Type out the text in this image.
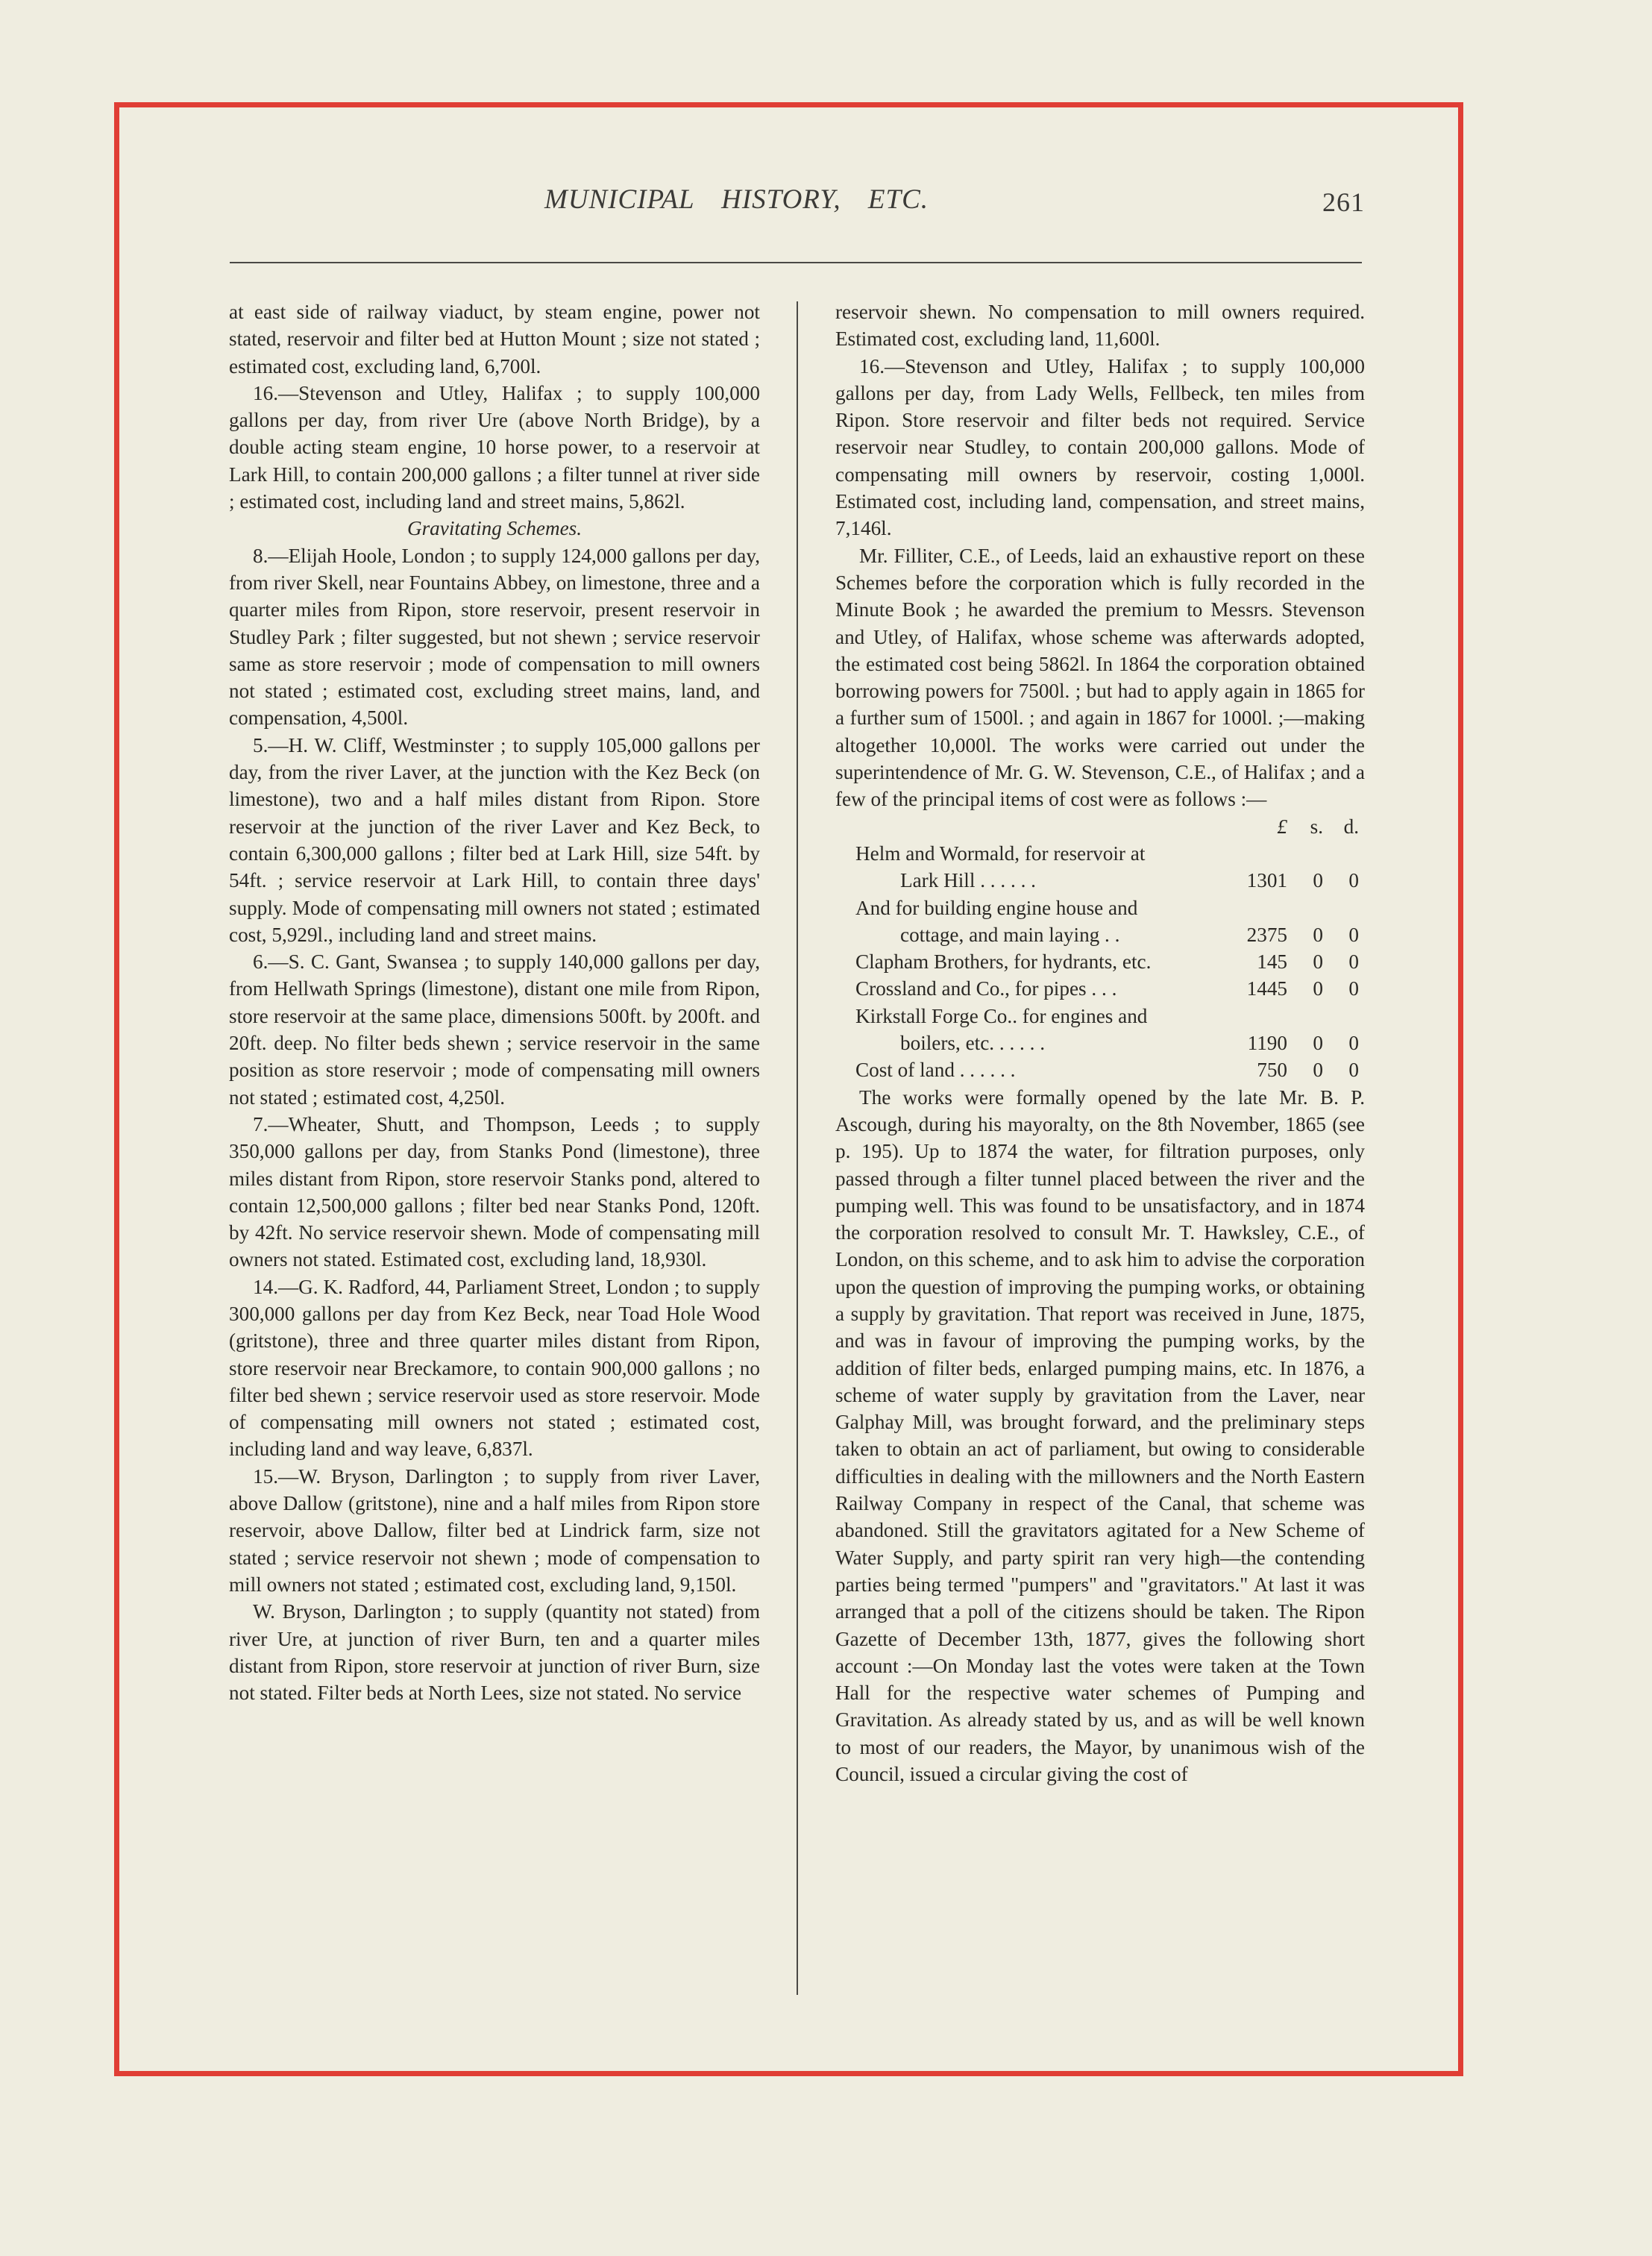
MUNICIPAL HISTORY, ETC.	261

at east side of railway viaduct, by steam engine, power not stated, reservoir and filter bed at Hutton Mount ; size not stated ; estimated cost, excluding land, 6,700l.

16.—Stevenson and Utley, Halifax ; to supply 100,000 gallons per day, from river Ure (above North Bridge), by a double acting steam engine, 10 horse power, to a reservoir at Lark Hill, to contain 200,000 gallons ; a filter tunnel at river side ; estimated cost, including land and street mains, 5,862l.

Gravitating Schemes.

8.—Elijah Hoole, London ; to supply 124,000 gallons per day, from river Skell, near Fountains Abbey, on limestone, three and a quarter miles from Ripon, store reservoir, present reservoir in Studley Park ; filter suggested, but not shewn ; service reservoir same as store reservoir ; mode of compensation to mill owners not stated ; estimated cost, excluding street mains, land, and compensation, 4,500l.

5.—H. W. Cliff, Westminster ; to supply 105,000 gallons per day, from the river Laver, at the junction with the Kez Beck (on limestone), two and a half miles distant from Ripon. Store reservoir at the junction of the river Laver and Kez Beck, to contain 6,300,000 gallons ; filter bed at Lark Hill, size 54ft. by 54ft. ; service reservoir at Lark Hill, to contain three days' supply. Mode of compensating mill owners not stated ; estimated cost, 5,929l., including land and street mains.

6.—S. C. Gant, Swansea ; to supply 140,000 gallons per day, from Hellwath Springs (limestone), distant one mile from Ripon, store reservoir at the same place, dimensions 500ft. by 200ft. and 20ft. deep. No filter beds shewn ; service reservoir in the same position as store reservoir ; mode of compensating mill owners not stated ; estimated cost, 4,250l.

7.—Wheater, Shutt, and Thompson, Leeds ; to supply 350,000 gallons per day, from Stanks Pond (limestone), three miles distant from Ripon, store reservoir Stanks pond, altered to contain 12,500,000 gallons ; filter bed near Stanks Pond, 120ft. by 42ft. No service reservoir shewn. Mode of compensating mill owners not stated. Estimated cost, excluding land, 18,930l.

14.—G. K. Radford, 44, Parliament Street, London ; to supply 300,000 gallons per day from Kez Beck, near Toad Hole Wood (gritstone), three and three quarter miles distant from Ripon, store reservoir near Breckamore, to contain 900,000 gallons ; no filter bed shewn ; service reservoir used as store reservoir. Mode of compensating mill owners not stated ; estimated cost, including land and way leave, 6,837l.

15.—W. Bryson, Darlington ; to supply from river Laver, above Dallow (gritstone), nine and a half miles from Ripon store reservoir, above Dallow, filter bed at Lindrick farm, size not stated ; service reservoir not shewn ; mode of compensation to mill owners not stated ; estimated cost, excluding land, 9,150l.

W. Bryson, Darlington ; to supply (quantity not stated) from river Ure, at junction of river Burn, ten and a quarter miles distant from Ripon, store reservoir at junction of river Burn, size not stated. Filter beds at North Lees, size not stated. No service

reservoir shewn. No compensation to mill owners required. Estimated cost, excluding land, 11,600l.

16.—Stevenson and Utley, Halifax ; to supply 100,000 gallons per day, from Lady Wells, Fellbeck, ten miles from Ripon. Store reservoir and filter beds not required. Service reservoir near Studley, to contain 200,000 gallons. Mode of compensating mill owners by reservoir, costing 1,000l. Estimated cost, including land, compensation, and street mains, 7,146l.

Mr. Filliter, C.E., of Leeds, laid an exhaustive report on these Schemes before the corporation which is fully recorded in the Minute Book ; he awarded the premium to Messrs. Stevenson and Utley, of Halifax, whose scheme was afterwards adopted, the estimated cost being 5862l. In 1864 the corporation obtained borrowing powers for 7500l. ; but had to apply again in 1865 for a further sum of 1500l. ; and again in 1867 for 1000l. ;—making altogether 10,000l. The works were carried out under the superintendence of Mr. G. W. Stevenson, C.E., of Halifax ; and a few of the principal items of cost were as follows :—

£ s. d.
Helm and Wormald, for reservoir at
Lark Hill . . . . . .	1301 0 0
And for building engine house and
cottage, and main laying . .	2375 0 0
Clapham Brothers, for hydrants, etc.	145 0 0
Crossland and Co., for pipes . . .	1445 0 0
Kirkstall Forge Co.. for engines and
boilers, etc. . . . . .	1190 0 0
Cost of land . . . . . .	750 0 0

The works were formally opened by the late Mr. B. P. Ascough, during his mayoralty, on the 8th November, 1865 (see p. 195). Up to 1874 the water, for filtration purposes, only passed through a filter tunnel placed between the river and the pumping well. This was found to be unsatisfactory, and in 1874 the corporation resolved to consult Mr. T. Hawksley, C.E., of London, on this scheme, and to ask him to advise the corporation upon the question of improving the pumping works, or obtaining a supply by gravitation. That report was received in June, 1875, and was in favour of improving the pumping works, by the addition of filter beds, enlarged pumping mains, etc. In 1876, a scheme of water supply by gravitation from the Laver, near Galphay Mill, was brought forward, and the preliminary steps taken to obtain an act of parliament, but owing to considerable difficulties in dealing with the millowners and the North Eastern Railway Company in respect of the Canal, that scheme was abandoned. Still the gravitators agitated for a New Scheme of Water Supply, and party spirit ran very high—the contending parties being termed "pumpers" and "gravitators." At last it was arranged that a poll of the citizens should be taken. The Ripon Gazette of December 13th, 1877, gives the following short account :—On Monday last the votes were taken at the Town Hall for the respective water schemes of Pumping and Gravitation. As already stated by us, and as will be well known to most of our readers, the Mayor, by unanimous wish of the Council, issued a circular giving the cost of
